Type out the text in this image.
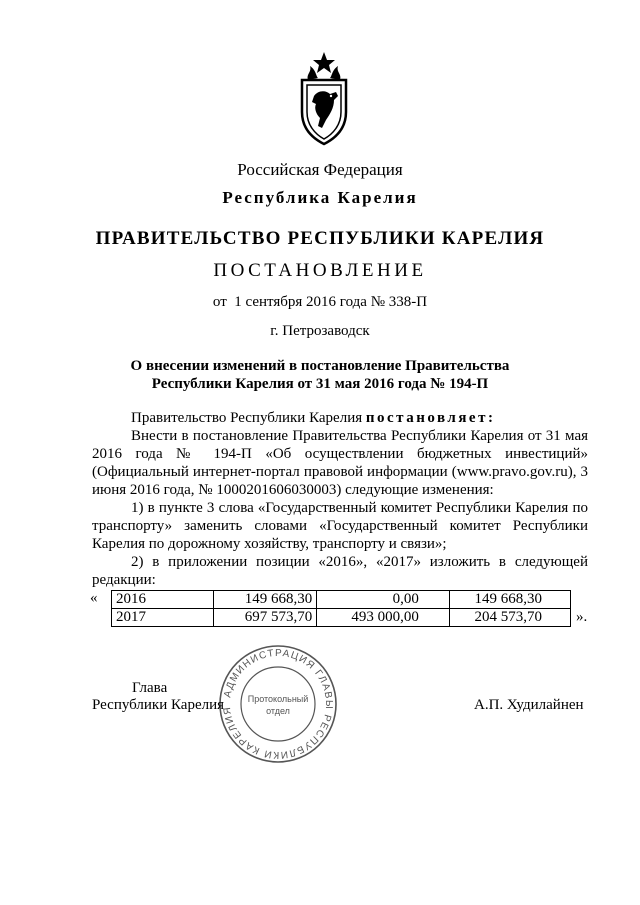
Российская Федерация
Республика Карелия
ПРАВИТЕЛЬСТВО РЕСПУБЛИКИ КАРЕЛИЯ
ПОСТАНОВЛЕНИЕ
от  1 сентября 2016 года № 338-П
г. Петрозаводск
О внесении изменений в постановление Правительства
Республики Карелия от 31 мая 2016 года № 194-П

Правительство Республики Карелия постановляет:

Внести в постановление Правительства Республики Карелия от 31 мая 2016 года № 194-П «Об осуществлении бюджетных инвестиций» (Официальный интернет-портал правовой информации (www.pravo.gov.ru), 3 июня 2016 года, № 1000201606030003) следующие изменения:

1) в пункте 3 слова «Государственный комитет Республики Карелия по транспорту» заменить словами «Государственный комитет Республики Карелия по дорожному хозяйству, транспорту и связи»;

2) в приложении позиции «2016», «2017» изложить в следующей редакции:

« 2016	149 668,30	0,00	149 668,30
2017	697 573,70	493 000,00	204 573,70 ».
АДМИНИСТРАЦИЯ ГЛАВЫ РЕСПУБЛИКИ КАРЕЛИЯ
Протокольный
отдел
Глава
Республики Карелия	А.П. Худилайнен
